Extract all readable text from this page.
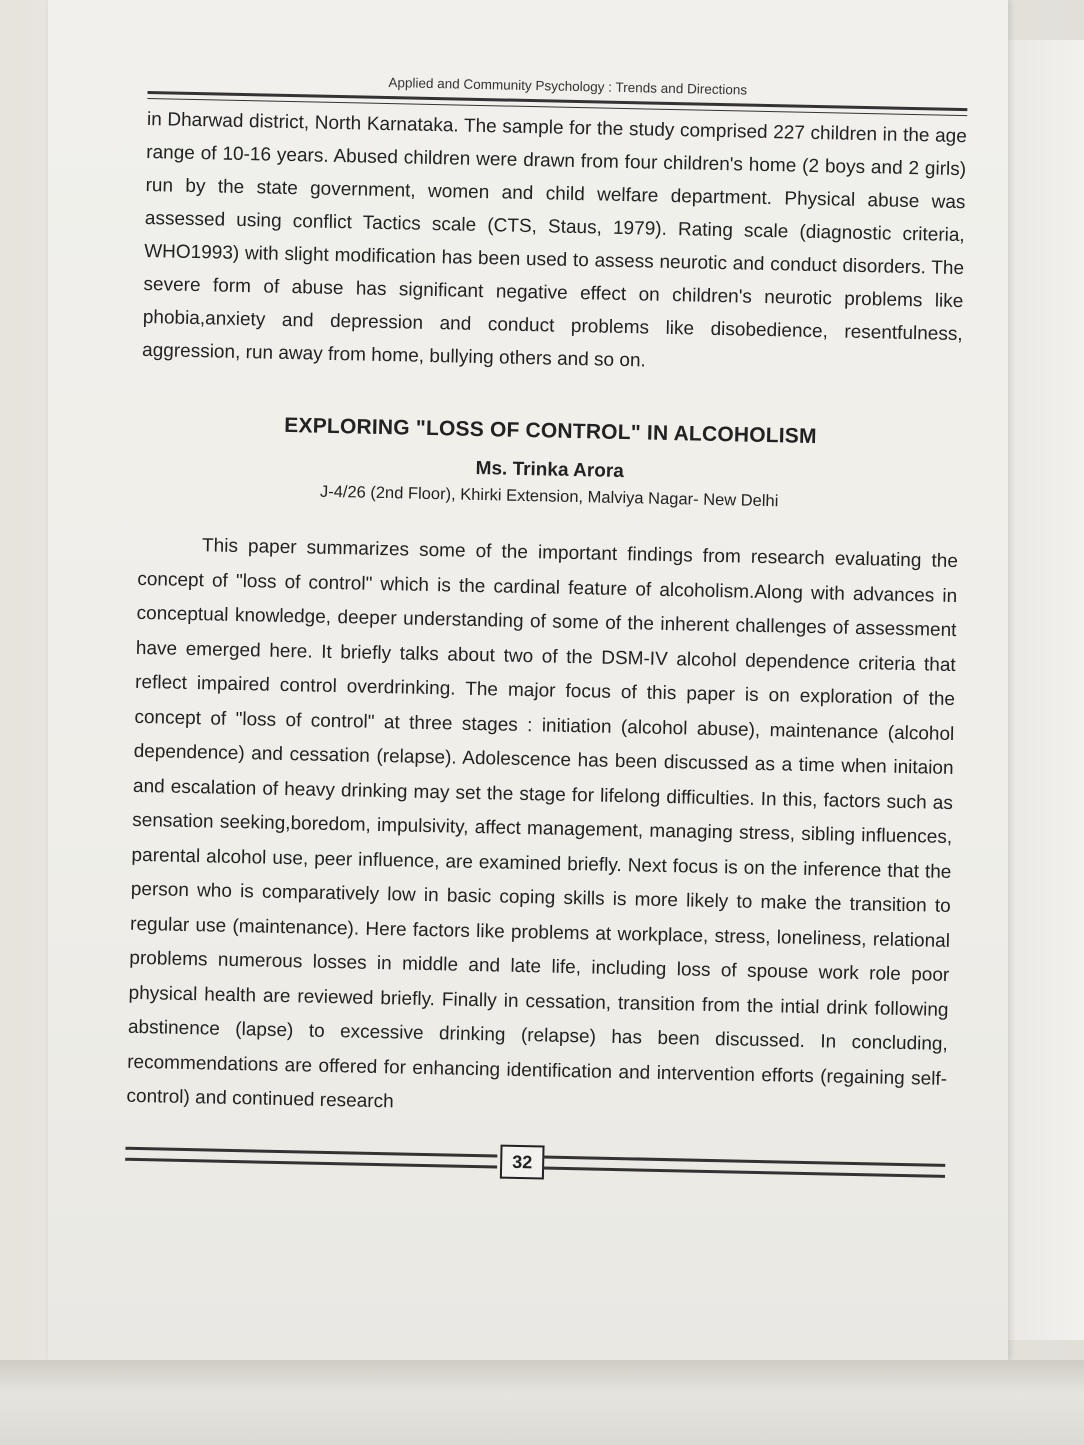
Applied and Community Psychology : Trends and Directions

in Dharwad district, North Karnataka. The sample for the study comprised 227 children in the age range of 10-16 years. Abused children were drawn from four children's home (2 boys and 2 girls) run by the state government, women and child welfare department. Physical abuse was assessed using conflict Tactics scale (CTS, Staus, 1979). Rating scale (diagnostic criteria, WHO1993) with slight modification has been used to assess neurotic and conduct disorders. The severe form of abuse has significant negative effect on children's neurotic problems like phobia,anxiety and depression and conduct problems like disobedience, resentfulness, aggression, run away from home, bullying others and so on.

EXPLORING "LOSS OF CONTROL" IN ALCOHOLISM
Ms. Trinka Arora
J-4/26 (2nd Floor), Khirki Extension, Malviya Nagar- New Delhi

This paper summarizes some of the important findings from research evaluating the concept of "loss of control" which is the cardinal feature of alcoholism.Along with advances in conceptual knowledge, deeper understanding of some of the inherent challenges of assessment have emerged here. It briefly talks about two of the DSM-IV alcohol dependence criteria that reflect impaired control overdrinking. The major focus of this paper is on exploration of the concept of "loss of control" at three stages : initiation (alcohol abuse), maintenance (alcohol dependence) and cessation (relapse). Adolescence has been discussed as a time when initaion and escalation of heavy drinking may set the stage for lifelong difficulties. In this, factors such as sensation seeking,boredom, impulsivity, affect management, managing stress, sibling influences, parental alcohol use, peer influence, are examined briefly. Next focus is on the inference that the person who is comparatively low in basic coping skills is more likely to make the transition to regular use (maintenance). Here factors like problems at workplace, stress, loneliness, relational problems numerous losses in middle and late life, including loss of spouse work role poor physical health are reviewed briefly. Finally in cessation, transition from the intial drink following abstinence (lapse) to excessive drinking (relapse) has been discussed. In concluding, recommendations are offered for enhancing identification and intervention efforts (regaining self-control) and continued research

32
